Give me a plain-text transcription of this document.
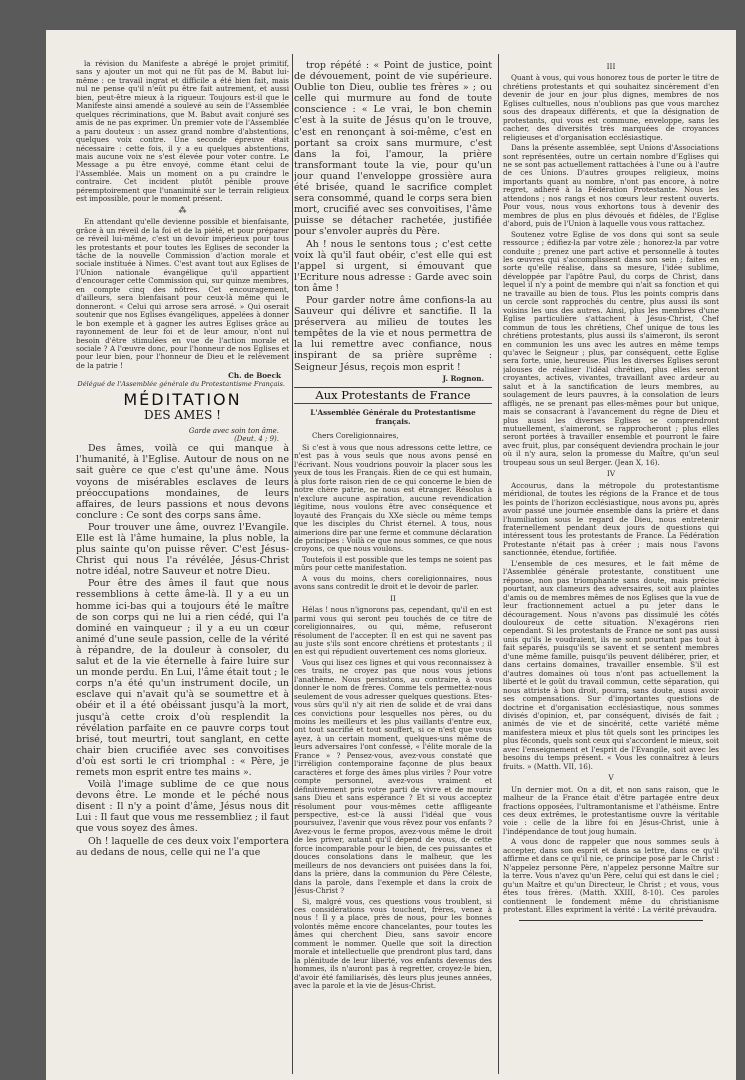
la révision du Manifeste a abrégé le projet primitif, sans y ajouter un mot qui ne fût pas de M. Babut lui-même : ce travail ingrat et difficile a été bien fait, mais nul ne pense qu'il n'eût pu être fait autrement, et aussi bien, peut-être mieux à la rigueur. Toujours est-il que le Manifeste ainsi amendé a soulevé au sein de l'Assemblée quelques récriminations, que M. Babut avait conjuré ses amis de ne pas exprimer. Un premier vote de l'Assemblée a paru douteux : un assez grand nombre d'abstentions, quelques voix contre. Une seconde épreuve était nécessaire : cette fois, il y a eu quelques abstentions, mais aucune voix ne s'est élevée pour voter contre. Le Message a pu être envoyé, comme étant celui de l'Assemblée. Mais un moment on a pu craindre le contraire. Cet incident plutôt pénible prouve péremptoirement que l'unanimité sur le terrain religieux est impossible, pour le moment présent.

⁂

En attendant qu'elle devienne possible et bienfaisante, grâce à un réveil de la foi et de la piété, et pour préparer ce réveil lui-même, c'est un devoir impérieux pour tous les protestants et pour toutes les Eglises de seconder la tâche de la nouvelle Commission d'action morale et sociale instituée à Nimes. C'est avant tout aux Eglises de l'Union nationale évangélique qu'il appartient d'encourager cette Commission qui, sur quinze membres, en compte cinq des nôtres. Cet encouragement, d'ailleurs, sera bienfaisant pour ceux-là même qui le donneront. « Celui qui arrose sera arrosé. » Qui oserait soutenir que nos Eglises évangéliques, appelées à donner le bon exemple et à gagner les autres Eglises grâce au rayonnement de leur foi et de leur amour, n'ont nul besoin d'être stimulées en vue de l'action morale et sociale ? A l'œuvre donc, pour l'honneur de nos Eglises et pour leur bien, pour l'honneur de Dieu et le relèvement de la patrie !

Ch. de Boeck

Délégué de l'Assemblée générale du Protestantisme Français.

MÉDITATION
DES AMES !

Garde avec soin ton âme.

(Deut. 4 ; 9).

Des âmes, voilà ce qui manque à l'humanité, à l'Eglise. Autour de nous on ne sait guère ce que c'est qu'une âme. Nous voyons de misérables esclaves de leurs préoccupations mondaines, de leurs affaires, de leurs passions et nous devons conclure : Ce sont des corps sans âme.

Pour trouver une âme, ouvrez l'Evangile. Elle est là l'âme humaine, la plus noble, la plus sainte qu'on puisse rêver. C'est Jésus-Christ qui nous l'a révélée, Jésus-Christ notre idéal, notre Sauveur et notre Dieu.

Pour être des âmes il faut que nous ressemblions à cette âme-là. Il y a eu un homme ici-bas qui a toujours été le maître de son corps qui ne lui a rien cédé, qui l'a dominé en vainqueur ; il y a eu un cœur animé d'une seule passion, celle de la vérité à répandre, de la douleur à consoler, du salut et de la vie éternelle à faire luire sur un monde perdu. En Lui, l'âme était tout ; le corps n'a été qu'un instrument docile, un esclave qui n'avait qu'à se soumettre et à obéir et il a été obéissant jusqu'à la mort, jusqu'à cette croix d'où resplendit la révélation parfaite en ce pauvre corps tout brisé, tout meurtri, tout sanglant, en cette chair bien crucifiée avec ses convoitises d'où est sorti le cri triomphal : « Père, je remets mon esprit entre tes mains ».

Voilà l'image sublime de ce que nous devons être. Le monde et le péché nous disent : Il n'y a point d'âme, Jésus nous dit Lui : Il faut que vous me ressembliez ; il faut que vous soyez des âmes.

Oh ! laquelle de ces deux voix l'emportera au dedans de nous, celle qui ne l'a que

trop répété : « Point de justice, point de dévouement, point de vie supérieure. Oublie ton Dieu, oublie tes frères » ; ou celle qui murmure au fond de toute conscience : « Le vrai, le bon chemin c'est à la suite de Jésus qu'on le trouve, c'est en renonçant à soi-même, c'est en portant sa croix sans murmure, c'est dans la foi, l'amour, la prière transformant toute la vie, pour qu'un jour quand l'enveloppe grossière aura été brisée, quand le sacrifice complet sera consommé, quand le corps sera bien mort, crucifié avec ses convoitises, l'âme puisse se détacher rachetée, justifiée pour s'envoler auprès du Père.

Ah ! nous le sentons tous ; c'est cette voix là qu'il faut obéir, c'est elle qui est l'appel si urgent, si émouvant que l'Ecriture nous adresse : Garde avec soin ton âme !

Pour garder notre âme confions-la au Sauveur qui délivre et sanctifie. Il la préservera au milieu de toutes les tempêtes de la vie et nous permettra de la lui remettre avec confiance, nous inspirant de sa prière suprême : Seigneur Jésus, reçois mon esprit !

J. Rognon.

Aux Protestants de France
L'Assemblée Générale du Protestantisme français.

Chers Coreligionnaires,

Si c'est à vous que nous adressons cette lettre, ce n'est pas à vous seuls que nous avons pensé en l'écrivant. Nous voudrions pouvoir la placer sous les yeux de tous les Français. Rien de ce qui est humain, à plus forte raison rien de ce qui concerne le bien de notre chère patrie, ne nous est étranger. Résolus à n'exclure aucune aspiration, aucune revendication légitime, nous voulons être avec conséquence et loyauté des Français du XXe siècle ou même temps que les disciples du Christ éternel. A tous, nous aimerions dire par une ferme et commune déclaration de principes : Voilà ce que nous sommes, ce que nous croyons, ce que nous voulons.

Toutefois il est possible que les temps ne soient pas mûrs pour cette manifestation.

A vous du moins, chers coreligionnaires, nous avons sans contredit le droit et le devoir de parler.

II

Hélas ! nous n'ignorons pas, cependant, qu'il en est parmi vous qui seront peu touchés de ce titre de coreligionnaires, ou qui, même, refuseront résolument de l'accepter. Il en est qui ne savent pas au juste s'ils sont encore chrétiens et protestants ; il en est qui répudient ouvertement ces noms glorieux.

Vous qui lisez ces lignes et qui vous reconnaissez à ces traits, ne croyez pas que nous vous jetions l'anathème. Nous persistons, au contraire, à vous donner le nom de frères. Comme tels permettez-nous seulement de vous adresser quelques questions. Etes-vous sûrs qu'il n'y ait rien de solide et de vrai dans ces convictions pour lesquelles nos pères, ou du moins les meilleurs et les plus vaillants d'entre eux, ont tout sacrifié et tout souffert, si ce n'est que vous ayez, à un certain moment, quelques-uns même de leurs adversaires l'ont confessé, « l'élite morale de la France » ? Pensez-vous, avez-vous constaté que l'irréligion contemporaine façonne de plus beaux caractères et forge des âmes plus viriles ? Pour votre compte personnel, avez-vous vraiment et définitivement pris votre parti de vivre et de mourir sans Dieu et sans espérance ? Et si vous acceptez résolument pour vous-mêmes cette affligeante perspective, est-ce là aussi l'idéal que vous poursuivez, l'avenir que vous rêvez pour vos enfants ? Avez-vous le ferme propos, avez-vous même le droit de les priver, autant qu'il dépend de vous, de cette force incomparable pour le bien, de ces puissantes et douces consolations dans le malheur, que les meilleurs de nos devanciers ont puisées dans la foi, dans la prière, dans la communion du Père Céleste, dans la parole, dans l'exemple et dans la croix de Jésus-Christ ?

Si, malgré vous, ces questions vous troublent, si ces considérations vous touchent, frères, venez à nous ! Il y a place, près de nous, pour les bonnes volontés même encore chancelantes, pour toutes les âmes qui cherchent Dieu, sans savoir encore comment le nommer. Quelle que soit la direction morale et intellectuelle que prendront plus tard, dans la plénitude de leur liberté, vos enfants devenus des hommes, ils n'auront pas à regretter, croyez-le bien, d'avoir été familiarisés, dès leurs plus jeunes années, avec la parole et la vie de Jésus-Christ.

III

Quant à vous, qui vous honorez tous de porter le titre de chrétiens protestants et qui souhaitez sincèrement d'en devenir de jour en jour plus dignes, membres de nos Eglises cultuelles, nous n'oublions pas que vous marchez sous des drapeaux différents, et que la désignation de protestants, qui vous est commune, enveloppe, sans les cacher, des diversités très marquées de croyances religieuses et d'organisation ecclésiastique.

Dans la présente assemblée, sept Unions d'Associations sont représentées, outre un certain nombre d'Eglises qui ne se sont pas actuellement rattachées à l'une ou à l'autre de ces Unions. D'autres groupes religieux, moins importants quant au nombre, n'ont pas encore, à notre regret, adhéré à la Fédération Protestante. Nous les attendons ; nos rangs et nos cœurs leur restent ouverts. Pour vous, nous vous exhortons tous à devenir des membres de plus en plus dévoués et fidèles, de l'Eglise d'abord, puis de l'Union à laquelle vous vous rattachez.

Soutenez votre Eglise de vos dons qui sont sa seule ressource ; édifiez-la par votre zèle ; honorez-la par votre conduite ; prenez une part active et personnelle à toutes les œuvres qui s'accomplissent dans son sein ; faites en sorte qu'elle réalise, dans sa mesure, l'idée sublime, développée par l'apôtre Paul, du corps de Christ, dans lequel il n'y a point de membre qui n'ait sa fonction et qui ne travaille au bien de tous. Plus les points compris dans un cercle sont rapprochés du centre, plus aussi ils sont voisins les uns des autres. Ainsi, plus les membres d'une Eglise particulière s'attachent à Jésus-Christ, Chef commun de tous les chrétiens, Chef unique de tous les chrétiens protestants, plus aussi ils s'aimeront, ils seront en communion les uns avec les autres en même temps qu'avec le Seigneur ; plus, par conséquent, cette Eglise sera forte, unie, heureuse. Plus les diverses Eglises seront jalouses de réaliser l'idéal chrétien, plus elles seront croyantes, actives, vivantes, travaillant avec ardeur au salut et à la sanctification de leurs membres, au soulagement de leurs pauvres, à la consolation de leurs affligés, ne se prenant pas elles-mêmes pour but unique, mais se consacrant à l'avancement du règne de Dieu et plus aussi les diverses Eglises se comprendront mutuellement, s'aimeront, se rapprocheront ; plus elles seront portées à travailler ensemble et pourront le faire avec fruit, plus, par conséquent deviendra prochain le jour où il n'y aura, selon la promesse du Maître, qu'un seul troupeau sous un seul Berger. (Jean X, 16).

IV

Accourus, dans la métropole du protestantisme méridional, de toutes les régions de la France et de tous les points de l'horizon ecclésiastique, nous avons pu, après avoir passé une journée ensemble dans la prière et dans l'humiliation sous le regard de Dieu, nous entretenir fraternellement pendant deux jours de questions qui intéressent tous les protestants de France. La Fédération Protestante n'était pas à créer ; mais nous l'avons sanctionnée, étendue, fortifiée.

L'ensemble de ces mesures, et le fait même de l'Assemblée générale protestante, constituent une réponse, non pas triomphante sans doute, mais précise pourtant, aux clameurs des adversaires, soit aux plaintes d'amis ou de membres mêmes de nos Eglises que la vue de leur fractionnement actuel a pu jeter dans le découragement. Nous n'avons pas dissimulé les côtés douloureux de cette situation. N'exagérons rien cependant. Si les protestants de France ne sont pas aussi unis qu'ils le voudraient, ils ne sont pourtant pas tout à fait séparés, puisqu'ils se savent et se sentent membres d'une même famille, puisqu'ils peuvent délibérer, prier, et dans certains domaines, travailler ensemble. S'il est d'autres domaines où tous n'ont pas actuellement la liberté et le goût du travail commun, cette séparation, qui nous attriste à bon droit, pourra, sans doute, aussi avoir ses compensations. Sur d'importantes questions de doctrine et d'organisation ecclésiastique, nous sommes divisés d'opinion, et, par conséquent, divisés de fait ; animés de vie et de sincérité, cette variété même manifestera mieux et plus tôt quels sont les principes les plus féconds, quels sont ceux qui s'accordent le mieux, soit avec l'enseignement et l'esprit de l'Evangile, soit avec les besoins du temps présent. « Vous les connaîtrez à leurs fruits. » (Matth. VII, 16).

V

Un dernier mot. On a dit, et non sans raison, que le malheur de la France était d'être partagée entre deux fractions opposées, l'ultramontanisme et l'athéisme. Entre ces deux extrêmes, le protestantisme ouvre la véritable voie : celle de la libre foi en Jésus-Christ, unie à l'indépendance de tout joug humain.

A vous donc de rappeler que nous sommes seuls à accepter, dans son esprit et dans sa lettre, dans ce qu'il affirme et dans ce qu'il nie, ce principe posé par le Christ : N'appelez personne Père, n'appelez personne Maître sur la terre. Vous n'avez qu'un Père, celui qui est dans le ciel ; qu'un Maître et qu'un Directeur, le Christ ; et vous, vous êtes tous frères. (Matth. XXIII, 8-10). Ces paroles contiennent le fondement même du christianisme protestant. Elles expriment la vérité : La vérité prévaudra.
